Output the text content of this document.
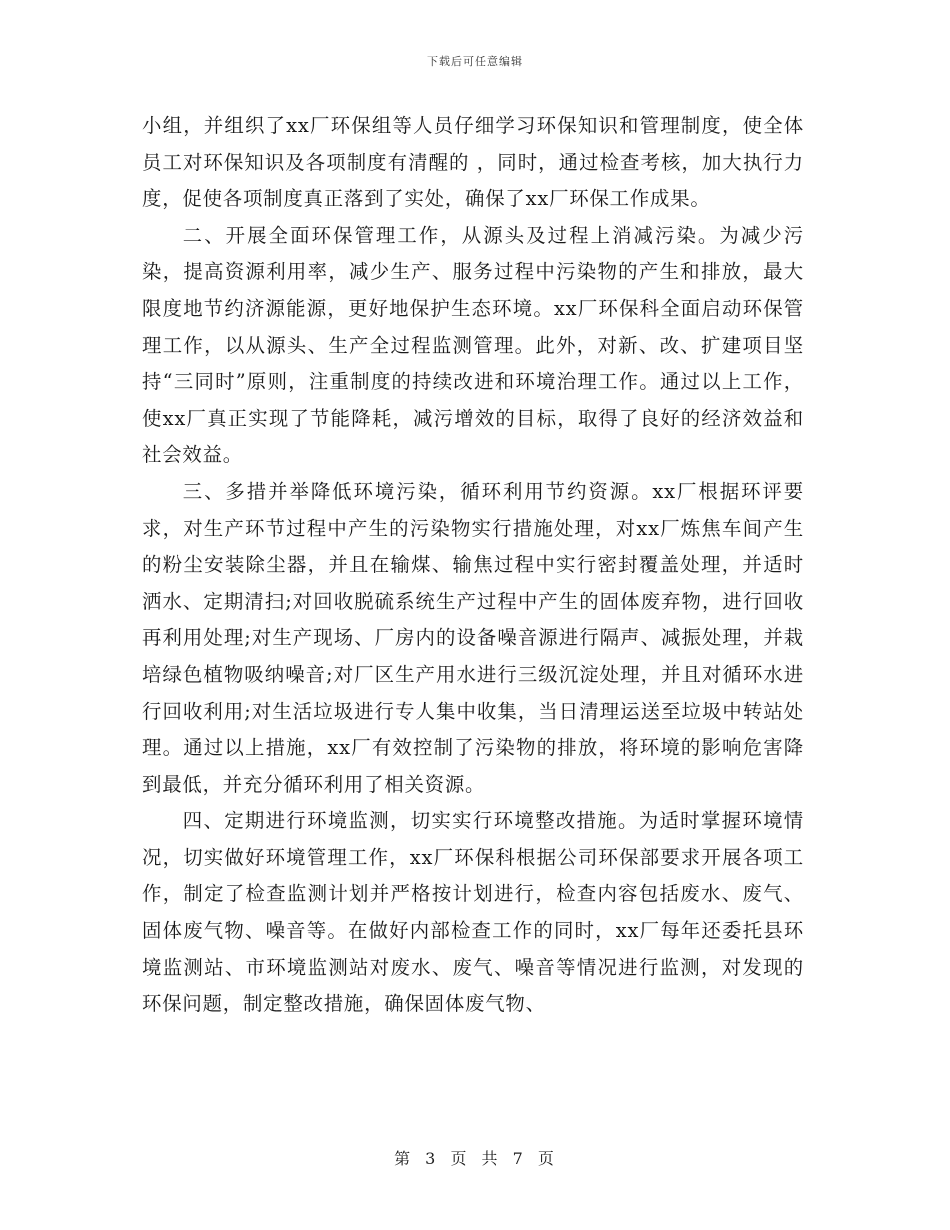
下载后可任意编辑

小组，并组织了xx厂环保组等人员仔细学习环保知识和管理制度，使全体员工对环保知识及各项制度有清醒的 ，同时，通过检查考核，加大执行力度，促使各项制度真正落到了实处，确保了xx厂环保工作成果。

二、开展全面环保管理工作，从源头及过程上消减污染。为减少污染，提高资源利用率，减少生产、服务过程中污染物的产生和排放，最大限度地节约济源能源，更好地保护生态环境。xx厂环保科全面启动环保管理工作，以从源头、生产全过程监测管理。此外，对新、改、扩建项目坚持“三同时”原则，注重制度的持续改进和环境治理工作。通过以上工作，使xx厂真正实现了节能降耗，减污增效的目标，取得了良好的经济效益和社会效益。

三、多措并举降低环境污染，循环利用节约资源。xx厂根据环评要求，对生产环节过程中产生的污染物实行措施处理，对xx厂炼焦车间产生的粉尘安装除尘器，并且在输煤、输焦过程中实行密封覆盖处理，并适时洒水、定期清扫;对回收脱硫系统生产过程中产生的固体废弃物，进行回收再利用处理;对生产现场、厂房内的设备噪音源进行隔声、减振处理，并栽培绿色植物吸纳噪音;对厂区生产用水进行三级沉淀处理，并且对循环水进行回收利用;对生活垃圾进行专人集中收集，当日清理运送至垃圾中转站处理。通过以上措施，xx厂有效控制了污染物的排放，将环境的影响危害降到最低，并充分循环利用了相关资源。

四、定期进行环境监测，切实实行环境整改措施。为适时掌握环境情况，切实做好环境管理工作，xx厂环保科根据公司环保部要求开展各项工作，制定了检查监测计划并严格按计划进行，检查内容包括废水、废气、固体废气物、噪音等。在做好内部检查工作的同时，xx厂每年还委托县环境监测站、市环境监测站对废水、废气、噪音等情况进行监测，对发现的环保问题，制定整改措施，确保固体废气物、

第 3 页 共 7 页
